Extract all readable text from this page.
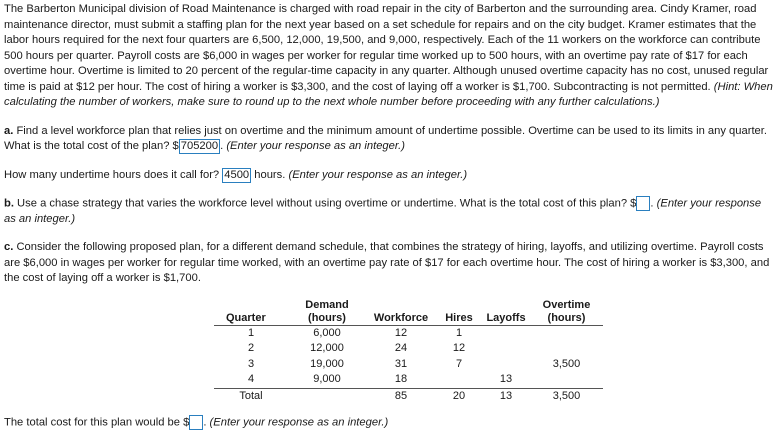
The Barberton Municipal division of Road Maintenance is charged with road repair in the city of Barberton and the surrounding area. Cindy Kramer, road maintenance director, must submit a staffing plan for the next year based on a set schedule for repairs and on the city budget. Kramer estimates that the labor hours required for the next four quarters are 6,500, 12,000, 19,500, and 9,000, respectively. Each of the 11 workers on the workforce can contribute 500 hours per quarter. Payroll costs are $6,000 in wages per worker for regular time worked up to 500 hours, with an overtime pay rate of $17 for each overtime hour. Overtime is limited to 20 percent of the regular-time capacity in any quarter. Although unused overtime capacity has no cost, unused regular time is paid at $12 per hour. The cost of hiring a worker is $3,300, and the cost of laying off a worker is $1,700. Subcontracting is not permitted. (Hint: When calculating the number of workers, make sure to round up to the next whole number before proceeding with any further calculations.)

a. Find a level workforce plan that relies just on overtime and the minimum amount of undertime possible. Overtime can be used to its limits in any quarter. What is the total cost of the plan? $ 705200 . (Enter your response as an integer.)

How many undertime hours does it call for? 4500 hours. (Enter your response as an integer.)

b. Use a chase strategy that varies the workforce level without using overtime or undertime. What is the total cost of this plan? $ . (Enter your response as an integer.)

c. Consider the following proposed plan, for a different demand schedule, that combines the strategy of hiring, layoffs, and utilizing overtime. Payroll costs are $6,000 in wages per worker for regular time worked, with an overtime pay rate of $17 for each overtime hour. The cost of hiring a worker is $3,300, and the cost of laying off a worker is $1,700.

Quarter	Demand
(hours)	Workforce	Hires	Layoffs	Overtime
(hours)
1	6,000	12	1		
2	12,000	24	12		
3	19,000	31	7		3,500
4	9,000	18		13	
Total		85	20	13	3,500

The total cost for this plan would be $ . (Enter your response as an integer.)
